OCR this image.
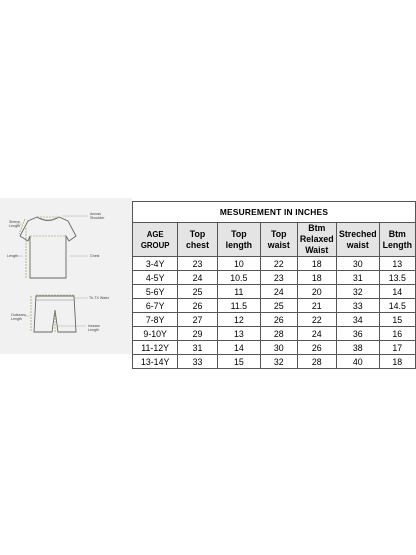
Sleeve
Length
Across
Shoulder
Length	Chest
Tri-TX Waist
Outseam
Length
Inseam
Length
MESUREMENT IN INCHES						
AGE GROUP	Top chest	Top length	Top waist	Btm Relaxed Waist	Streched waist	Btm Length
3-4Y	23	10	22	18	30	13
4-5Y	24	10.5	23	18	31	13.5
5-6Y	25	11	24	20	32	14
6-7Y	26	11.5	25	21	33	14.5
7-8Y	27	12	26	22	34	15
9-10Y	29	13	28	24	36	16
11-12Y	31	14	30	26	38	17
13-14Y	33	15	32	28	40	18
